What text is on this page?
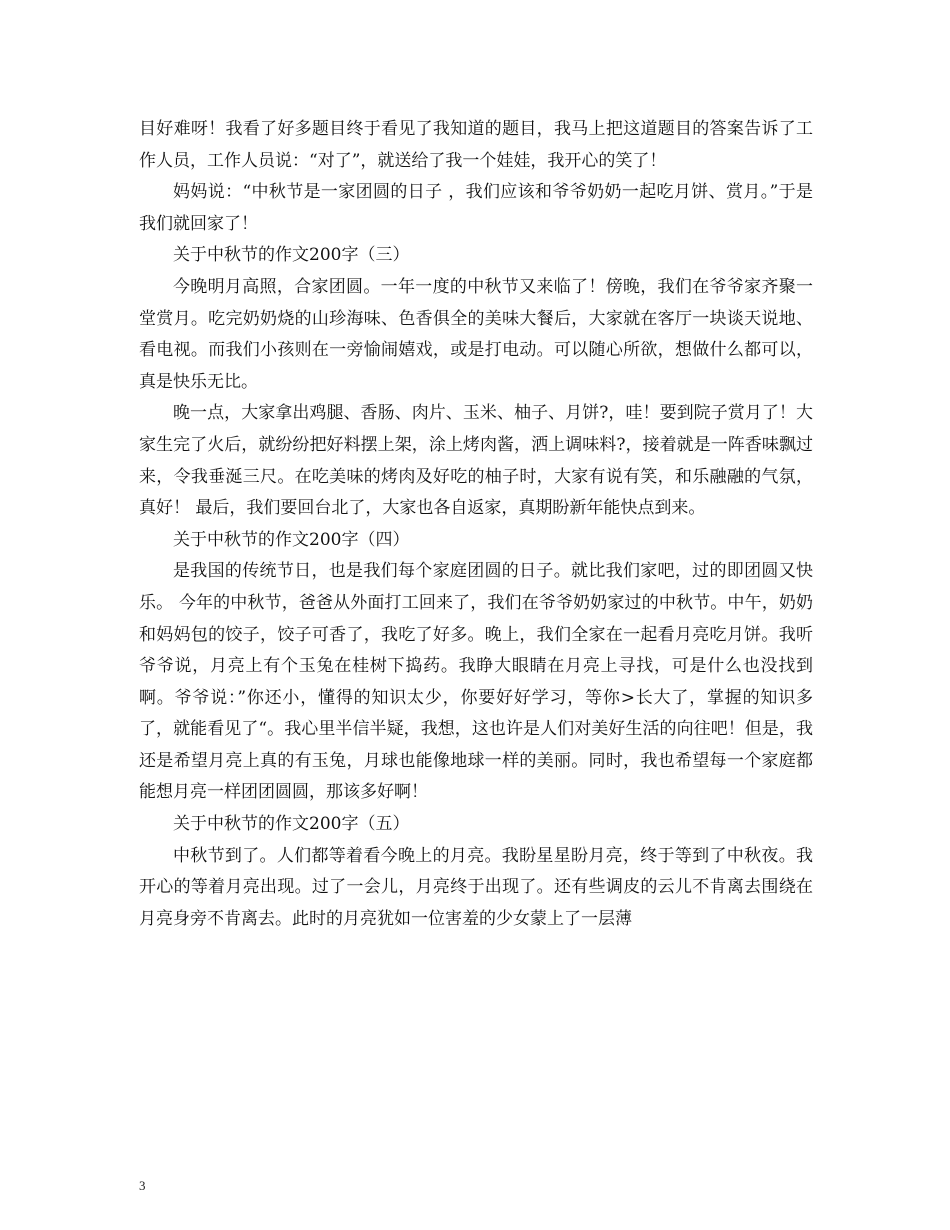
目好难呀！我看了好多题目终于看见了我知道的题目，我马上把这道题目的答案告诉了工作人员，工作人员说：“对了”，就送给了我一个娃娃，我开心的笑了！

妈妈说：“中秋节是一家团圆的日子 ，我们应该和爷爷奶奶一起吃月饼、赏月。”于是我们就回家了！

关于中秋节的作文200字（三）

今晚明月高照，合家团圆。一年一度的中秋节又来临了！傍晚，我们在爷爷家齐聚一堂赏月。吃完奶奶烧的山珍海味、色香俱全的美味大餐后，大家就在客厅一块谈天说地、看电视。而我们小孩则在一旁愉闹嬉戏，或是打电动。可以随心所欲，想做什么都可以，真是快乐无比。

晚一点，大家拿出鸡腿、香肠、肉片、玉米、柚子、月饼?，哇！要到院子赏月了！大家生完了火后，就纷纷把好料摆上架，涂上烤肉酱，洒上调味料?，接着就是一阵香味飘过来，令我垂涎三尺。在吃美味的烤肉及好吃的柚子时，大家有说有笑，和乐融融的气氛，真好！ 最后，我们要回台北了，大家也各自返家，真期盼新年能快点到来。

关于中秋节的作文200字（四）

是我国的传统节日，也是我们每个家庭团圆的日子。就比我们家吧，过的即团圆又快乐。 今年的中秋节，爸爸从外面打工回来了，我们在爷爷奶奶家过的中秋节。中午，奶奶和妈妈包的饺子，饺子可香了，我吃了好多。晚上，我们全家在一起看月亮吃月饼。我听爷爷说，月亮上有个玉兔在桂树下捣药。我睁大眼睛在月亮上寻找，可是什么也没找到啊。爷爷说：”你还小，懂得的知识太少，你要好好学习，等你>长大了，掌握的知识多了，就能看见了“。我心里半信半疑，我想，这也许是人们对美好生活的向往吧！但是，我还是希望月亮上真的有玉兔，月球也能像地球一样的美丽。同时，我也希望每一个家庭都能想月亮一样团团圆圆，那该多好啊！

关于中秋节的作文200字（五）

中秋节到了。人们都等着看今晚上的月亮。我盼星星盼月亮，终于等到了中秋夜。我开心的等着月亮出现。过了一会儿，月亮终于出现了。还有些调皮的云儿不肯离去围绕在月亮身旁不肯离去。此时的月亮犹如一位害羞的少女蒙上了一层薄

3
